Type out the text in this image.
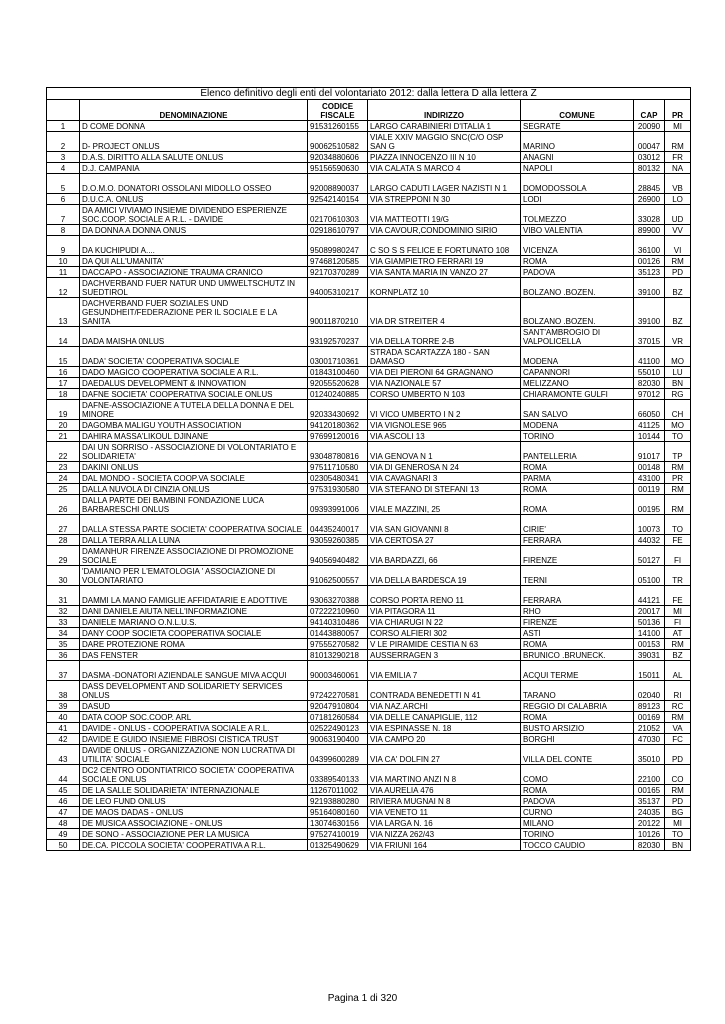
Elenco definitivo degli enti del volontariato 2012: dalla lettera D alla lettera Z						
	DENOMINAZIONE	CODICE FISCALE	INDIRIZZO	COMUNE	CAP	PR
1	D COME DONNA	91531260155	LARGO CARABINIERI D'ITALIA 1	SEGRATE	20090	MI
2	D- PROJECT ONLUS	90062510582	VIALE XXIV MAGGIO SNC(C/O OSP SAN G	MARINO	00047	RM
3	D.A.S. DIRITTO ALLA SALUTE ONLUS	92034880606	PIAZZA INNOCENZO III N 10	ANAGNI	03012	FR
4	D.J. CAMPANIA	95156590630	VIA CALATA S MARCO 4	NAPOLI	80132	NA
5	D.O.M.O. DONATORI OSSOLANI MIDOLLO OSSEO	92008890037	LARGO CADUTI LAGER NAZISTI N 1	DOMODOSSOLA	28845	VB
6	D.U.C.A. ONLUS	92542140154	VIA STREPPONI N 30	LODI	26900	LO
7	DA AMICI VIVIAMO INSIEME DIVIDENDO ESPERIENZE SOC.COOP. SOCIALE A R.L. - DAVIDE	02170610303	VIA MATTEOTTI 19/G	TOLMEZZO	33028	UD
8	DA DONNA A DONNA ONUS	02918610797	VIA CAVOUR,CONDOMINIO SIRIO	VIBO VALENTIA	89900	VV
9	DA KUCHIPUDI A....	95089980247	C SO S S FELICE E FORTUNATO 108	VICENZA	36100	VI
10	DA QUI ALL'UMANITA'	97468120585	VIA GIAMPIETRO FERRARI 19	ROMA	00126	RM
11	DACCAPO - ASSOCIAZIONE TRAUMA CRANICO	92170370289	VIA SANTA MARIA IN VANZO 27	PADOVA	35123	PD
12	DACHVERBAND FUER NATUR UND UMWELTSCHUTZ IN SUEDTIROL	94005310217	KORNPLATZ 10	BOLZANO .BOZEN.	39100	BZ
13	DACHVERBAND FUER SOZIALES UND GESUNDHEIT/FEDERAZIONE PER IL SOCIALE E LA SANITA	90011870210	VIA DR STREITER 4	BOLZANO .BOZEN.	39100	BZ
14	DADA MAISHA 0NLUS	93192570237	VIA DELLA TORRE 2-B	SANT'AMBROGIO DI VALPOLICELLA	37015	VR
15	DADA' SOCIETA' COOPERATIVA SOCIALE	03001710361	STRADA SCARTAZZA 180 - SAN DAMASO	MODENA	41100	MO
16	DADO MAGICO COOPERATIVA SOCIALE A R.L.	01843100460	VIA DEI PIERONI 64 GRAGNANO	CAPANNORI	55010	LU
17	DAEDALUS DEVELOPMENT & INNOVATION	92055520628	VIA NAZIONALE 57	MELIZZANO	82030	BN
18	DAFNE SOCIETA' COOPERATIVA SOCIALE ONLUS	01240240885	CORSO UMBERTO N 103	CHIARAMONTE GULFI	97012	RG
19	DAFNE-ASSOCIAZIONE A TUTELA DELLA DONNA E DEL MINORE	92033430692	VI VICO UMBERTO I N 2	SAN SALVO	66050	CH
20	DAGOMBA MALIGU YOUTH ASSOCIATION	94120180362	VIA VIGNOLESE 965	MODENA	41125	MO
21	DAHIRA MASSA'LIKOUL DJINANE	97699120016	VIA ASCOLI 13	TORINO	10144	TO
22	DAI UN SORRISO - ASSOCIAZIONE DI VOLONTARIATO E SOLIDARIETA'	93048780816	VIA GENOVA N 1	PANTELLERIA	91017	TP
23	DAKINI ONLUS	97511710580	VIA DI GENEROSA N 24	ROMA	00148	RM
24	DAL MONDO - SOCIETA COOP.VA SOCIALE	02305480341	VIA CAVAGNARI 3	PARMA	43100	PR
25	DALLA NUVOLA DI CINZIA ONLUS	97531930580	VIA STEFANO DI STEFANI 13	ROMA	00119	RM
26	DALLA PARTE DEI BAMBINI FONDAZIONE LUCA BARBARESCHI ONLUS	09393991006	VIALE MAZZINI, 25	ROMA	00195	RM
27	DALLA STESSA PARTE SOCIETA' COOPERATIVA SOCIALE	04435240017	VIA SAN GIOVANNI 8	CIRIE'	10073	TO
28	DALLA TERRA ALLA LUNA	93059260385	VIA CERTOSA 27	FERRARA	44032	FE
29	DAMANHUR FIRENZE ASSOCIAZIONE DI PROMOZIONE SOCIALE	94056940482	VIA BARDAZZI, 66	FIRENZE	50127	FI
30	'DAMIANO PER L'EMATOLOGIA ' ASSOCIAZIONE DI VOLONTARIATO	91062500557	VIA DELLA BARDESCA 19	TERNI	05100	TR
31	DAMMI LA MANO FAMIGLIE AFFIDATARIE E ADOTTIVE	93063270388	CORSO PORTA RENO 11	FERRARA	44121	FE
32	DANI DANIELE AIUTA NELL'INFORMAZIONE	07222210960	VIA PITAGORA 11	RHO	20017	MI
33	DANIELE MARIANO O.N.L.U.S.	94140310486	VIA CHIARUGI N 22	FIRENZE	50136	FI
34	DANY COOP SOCIETA COOPERATIVA SOCIALE	01443880057	CORSO ALFIERI 302	ASTI	14100	AT
35	DARE PROTEZIONE ROMA	97555270582	V LE PIRAMIDE CESTIA N 63	ROMA	00153	RM
36	DAS FENSTER	81013290218	AUSSERRAGEN 3	BRUNICO .BRUNECK.	39031	BZ
37	DASMA -DONATORI AZIENDALE SANGUE MIVA ACQUI	90003460061	VIA EMILIA 7	ACQUI TERME	15011	AL
38	DASS DEVELOPMENT AND SOLIDARIETY SERVICES ONLUS	97242270581	CONTRADA BENEDETTI N 41	TARANO	02040	RI
39	DASUD	92047910804	VIA NAZ.ARCHI	REGGIO DI CALABRIA	89123	RC
40	DATA COOP SOC.COOP. ARL	07181260584	VIA DELLE CANAPIGLIE, 112	ROMA	00169	RM
41	DAVIDE - ONLUS - COOPERATIVA SOCIALE A R.L.	02522490123	VIA ESPINASSE N. 18	BUSTO ARSIZIO	21052	VA
42	DAVIDE E GUIDO INSIEME FIBROSI CISTICA TRUST	90063190400	VIA CAMPO 20	BORGHI	47030	FC
43	DAVIDE ONLUS - ORGANIZZAZIONE NON LUCRATIVA DI UTILITA' SOCIALE	04399600289	VIA CA' DOLFIN 27	VILLA DEL CONTE	35010	PD
44	DC2 CENTRO ODONTIATRICO SOCIETA' COOPERATIVA SOCIALE ONLUS	03389540133	VIA MARTINO ANZI N 8	COMO	22100	CO
45	DE LA SALLE SOLIDARIETA' INTERNAZIONALE	11267011002	VIA AURELIA 476	ROMA	00165	RM
46	DE LEO FUND ONLUS	92193880280	RIVIERA MUGNAI N 8	PADOVA	35137	PD
47	DE MAOS DADAS - ONLUS	95164080160	VIA VENETO 11	CURNO	24035	BG
48	DE MUSICA ASSOCIAZIONE - ONLUS	13074630156	VIA LARGA N. 16	MILANO	20122	MI
49	DE SONO - ASSOCIAZIONE PER LA MUSICA	97527410019	VIA NIZZA 262/43	TORINO	10126	TO
50	DE.CA. PICCOLA SOCIETA' COOPERATIVA A R.L.	01325490629	VIA FRIUNI 164	TOCCO CAUDIO	82030	BN
Pagina 1 di 320
